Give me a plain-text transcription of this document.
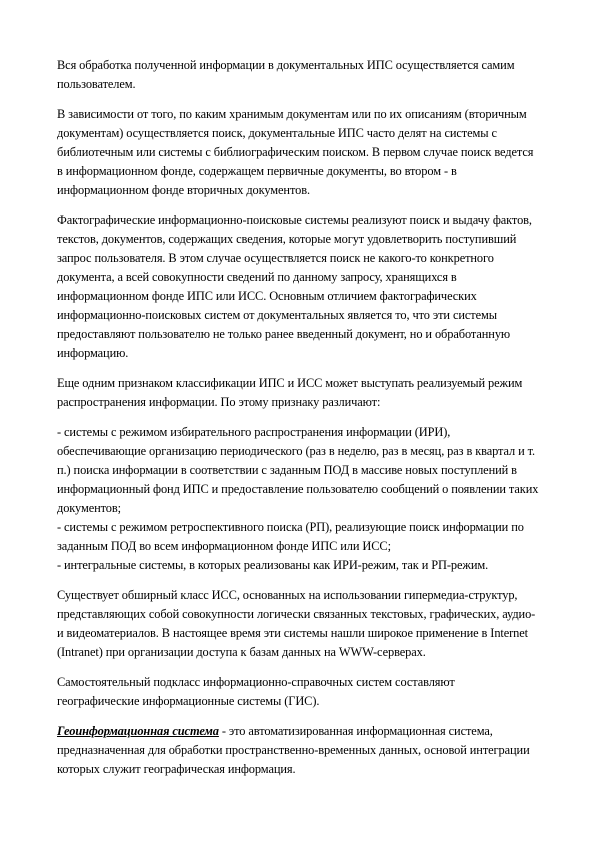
Вся обработка полученной информации в документальных ИПС осуществляется самим
пользователем.

В зависимости от того, по каким хранимым документам или по их описаниям (вторичным
документам) осуществляется поиск, документальные ИПС часто делят на системы с
библиотечным или системы с библиографическим поиском. В первом случае поиск ведется
в информационном фонде, содержащем первичные документы, во втором - в
информационном фонде вторичных документов.

Фактографические информационно-поисковые системы реализуют поиск и выдачу фактов,
текстов, документов, содержащих сведения, которые могут удовлетворить поступивший
запрос пользователя. В этом случае осуществляется поиск не какого-то конкретного
документа, а всей совокупности сведений по данному запросу, хранящихся в
информационном фонде ИПС или ИСС. Основным отличием фактографических
информационно-поисковых систем от документальных является то, что эти системы
предоставляют пользователю не только ранее введенный документ, но и обработанную
информацию.

Еще одним признаком классификации ИПС и ИСС может выступать реализуемый режим
распространения информации. По этому признаку различают:

- системы с режимом избирательного распространения информации (ИРИ),
обеспечивающие организацию периодического (раз в неделю, раз в месяц, раз в квартал и т.
п.) поиска информации в соответствии с заданным ПОД в массиве новых поступлений в
информационный фонд ИПС и предоставление пользователю сообщений о появлении таких
документов;
- системы с режимом ретроспективного поиска (РП), реализующие поиск информации по
заданным ПОД во всем информационном фонде ИПС или ИСС;
- интегральные системы, в которых реализованы как ИРИ-режим, так и РП-режим.

Существует обширный класс ИСС, основанных на использовании гипермедиа-структур,
представляющих собой совокупности логически связанных текстовых, графических, аудио-
и видеоматериалов. В настоящее время эти системы нашли широкое применение в Internet
(Intranet) при организации доступа к базам данных на WWW-серверах.

Самостоятельный подкласс информационно-справочных систем составляют
географические информационные системы (ГИС).

Геоинформационная система - это автоматизированная информационная система,
предназначенная для обработки пространственно-временных данных, основой интеграции
которых служит географическая информация.
